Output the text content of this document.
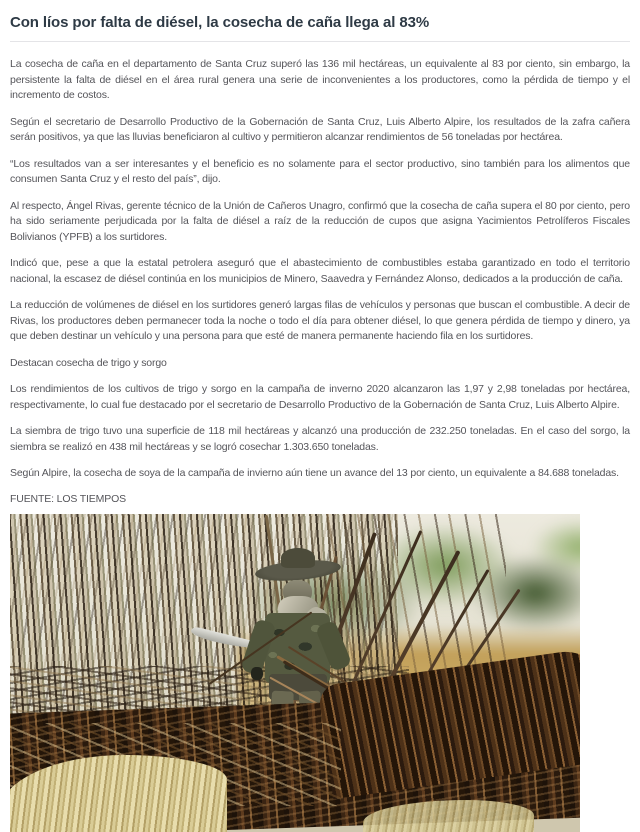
Con líos por falta de diésel, la cosecha de caña llega al 83%

La cosecha de caña en el departamento de Santa Cruz superó las 136 mil hectáreas, un equivalente al 83 por ciento, sin embargo, la persistente la falta de diésel en el área rural genera una serie de inconvenientes a los productores, como la pérdida de tiempo y el incremento de costos.

Según el secretario de Desarrollo Productivo de la Gobernación de Santa Cruz, Luis Alberto Alpire, los resultados de la zafra cañera serán positivos, ya que las lluvias beneficiaron al cultivo y permitieron alcanzar rendimientos de 56 toneladas por hectárea.

“Los resultados van a ser interesantes y el beneficio es no solamente para el sector productivo, sino también para los alimentos que consumen Santa Cruz y el resto del país”, dijo.

Al respecto, Ángel Rivas, gerente técnico de la Unión de Cañeros Unagro, confirmó que la cosecha de caña supera el 80 por ciento, pero ha sido seriamente perjudicada por la falta de diésel a raíz de la reducción de cupos que asigna Yacimientos Petrolíferos Fiscales Bolivianos (YPFB) a los surtidores.

Indicó que, pese a que la estatal petrolera aseguró que el abastecimiento de combustibles estaba garantizado en todo el territorio nacional, la escasez de diésel continúa en los municipios de Minero, Saavedra y Fernández Alonso, dedicados a la producción de caña.

La reducción de volúmenes de diésel en los surtidores generó largas filas de vehículos y personas que buscan el combustible. A decir de Rivas, los productores deben permanecer toda la noche o todo el día para obtener diésel, lo que genera pérdida de tiempo y dinero, ya que deben destinar un vehículo y una persona para que esté de manera permanente haciendo fila en los surtidores.

Destacan cosecha de trigo y sorgo

Los rendimientos de los cultivos de trigo y sorgo en la campaña de inverno 2020 alcanzaron las 1,97 y 2,98 toneladas por hectárea, respectivamente, lo cual fue destacado por el secretario de Desarrollo Productivo de la Gobernación de Santa Cruz, Luis Alberto Alpire.

La siembra de trigo tuvo una superficie de 118 mil hectáreas y alcanzó una producción de 232.250 toneladas. En el caso del sorgo, la siembra se realizó en 438 mil hectáreas y se logró cosechar 1.303.650 toneladas.

Según Alpire, la cosecha de soya de la campaña de invierno aún tiene un avance del 13 por ciento, un equivalente a 84.688 toneladas.

FUENTE: LOS TIEMPOS
